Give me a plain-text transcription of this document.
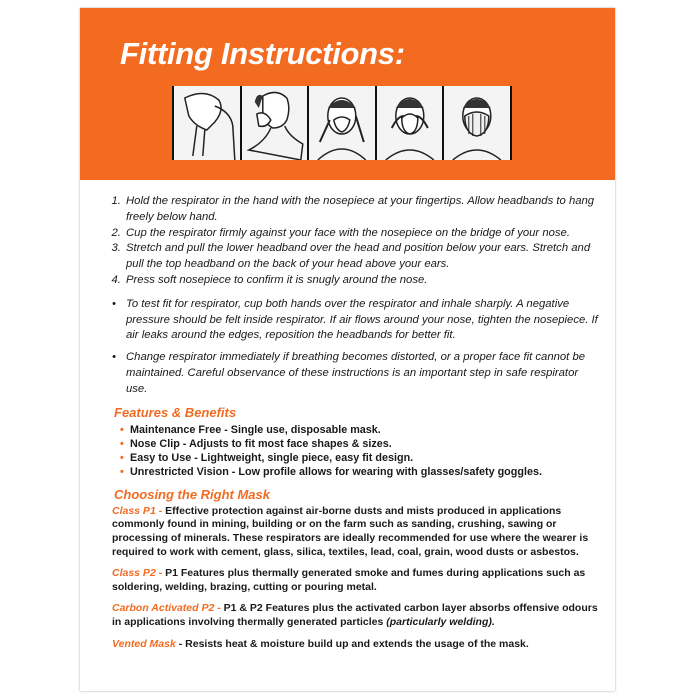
Fitting Instructions:
1. Hold the respirator in the hand with the nosepiece at your fingertips. Allow headbands to hang freely below hand.
2. Cup the respirator firmly against your face with the nosepiece on the bridge of your nose.
3. Stretch and pull the lower headband over the head and position below your ears. Stretch and pull the top headband on the back of your head above your ears.
4. Press soft nosepiece to confirm it is snugly around the nose.
• To test fit for respirator, cup both hands over the respirator and inhale sharply. A negative pressure should be felt inside respirator. If air flows around your nose, tighten the nosepiece. If air leaks around the edges, reposition the headbands for better fit.
• Change respirator immediately if breathing becomes distorted, or a proper face fit cannot be maintained. Careful observance of these instructions is an important step in safe respirator use.
Features & Benefits
• Maintenance Free - Single use, disposable mask.
• Nose Clip - Adjusts to fit most face shapes & sizes.
• Easy to Use - Lightweight, single piece, easy fit design.
• Unrestricted Vision - Low profile allows for wearing with glasses/safety goggles.
Choosing the Right Mask
Class P1 - Effective protection against air-borne dusts and mists produced in applications commonly found in mining, building or on the farm such as sanding, crushing, sawing or processing of minerals. These respirators are ideally recommended for use where the wearer is required to work with cement, glass, silica, textiles, lead, coal, grain, wood dusts or asbestos.
Class P2 - P1 Features plus thermally generated smoke and fumes during applications such as soldering, welding, brazing, cutting or pouring metal.
Carbon Activated P2 - P1 & P2 Features plus the activated carbon layer absorbs offensive odours in applications involving thermally generated particles (particularly welding).
Vented Mask - Resists heat & moisture build up and extends the usage of the mask.
